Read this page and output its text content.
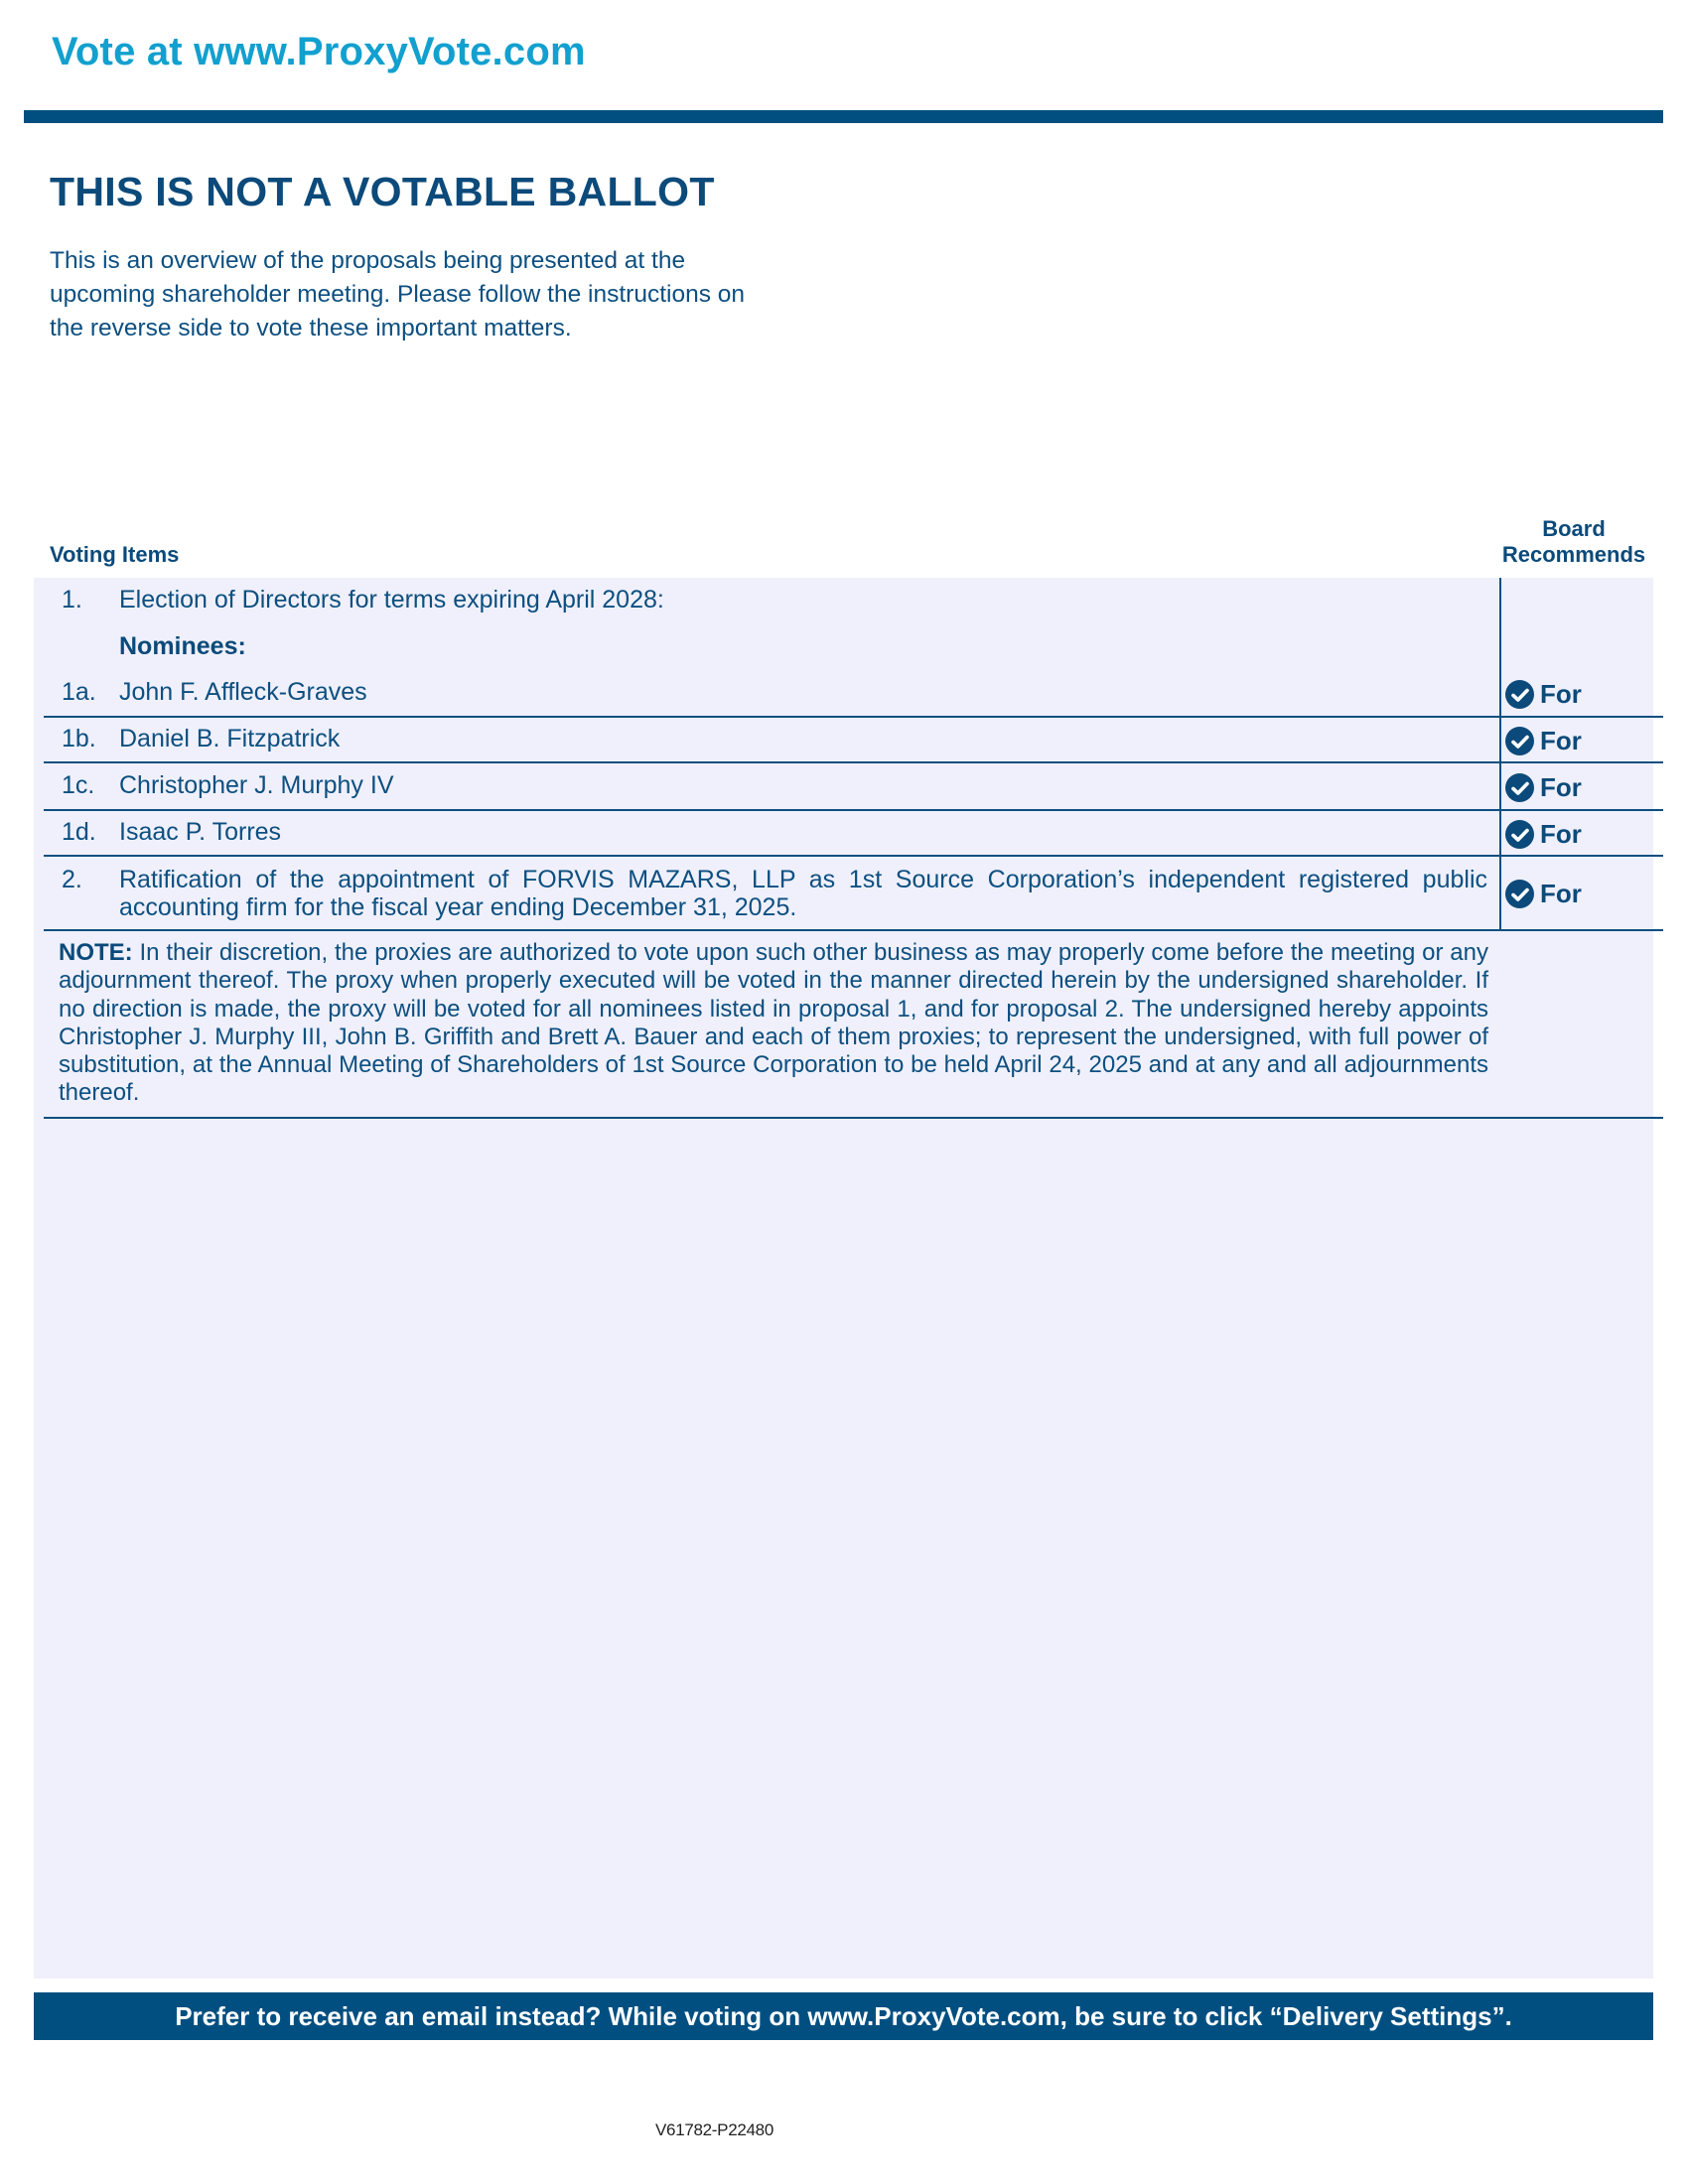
Vote at www.ProxyVote.com
THIS IS NOT A VOTABLE BALLOT
This is an overview of the proposals being presented at the
upcoming shareholder meeting. Please follow the instructions on
the reverse side to vote these important matters.
Voting Items
Board
Recommends
1. Election of Directors for terms expiring April 2028:
Nominees:
1a. John F. Affleck-Graves	For
1b. Daniel B. Fitzpatrick	For
1c. Christopher J. Murphy IV	For
1d. Isaac P. Torres	For
2. Ratification of the appointment of FORVIS MAZARS, LLP as 1st Source Corporation’s independent registered public accounting firm for the fiscal year ending December 31, 2025.	For
NOTE: In their discretion, the proxies are authorized to vote upon such other business as may properly come before the meeting or any adjournment thereof. The proxy when properly executed will be voted in the manner directed herein by the undersigned shareholder. If no direction is made, the proxy will be voted for all nominees listed in proposal 1, and for proposal 2. The undersigned hereby appoints Christopher J. Murphy III, John B. Griffith and Brett A. Bauer and each of them proxies; to represent the undersigned, with full power of substitution, at the Annual Meeting of Shareholders of 1st Source Corporation to be held April 24, 2025 and at any and all adjournments thereof.
Prefer to receive an email instead? While voting on www.ProxyVote.com, be sure to click “Delivery Settings”.
V61782-P22480
